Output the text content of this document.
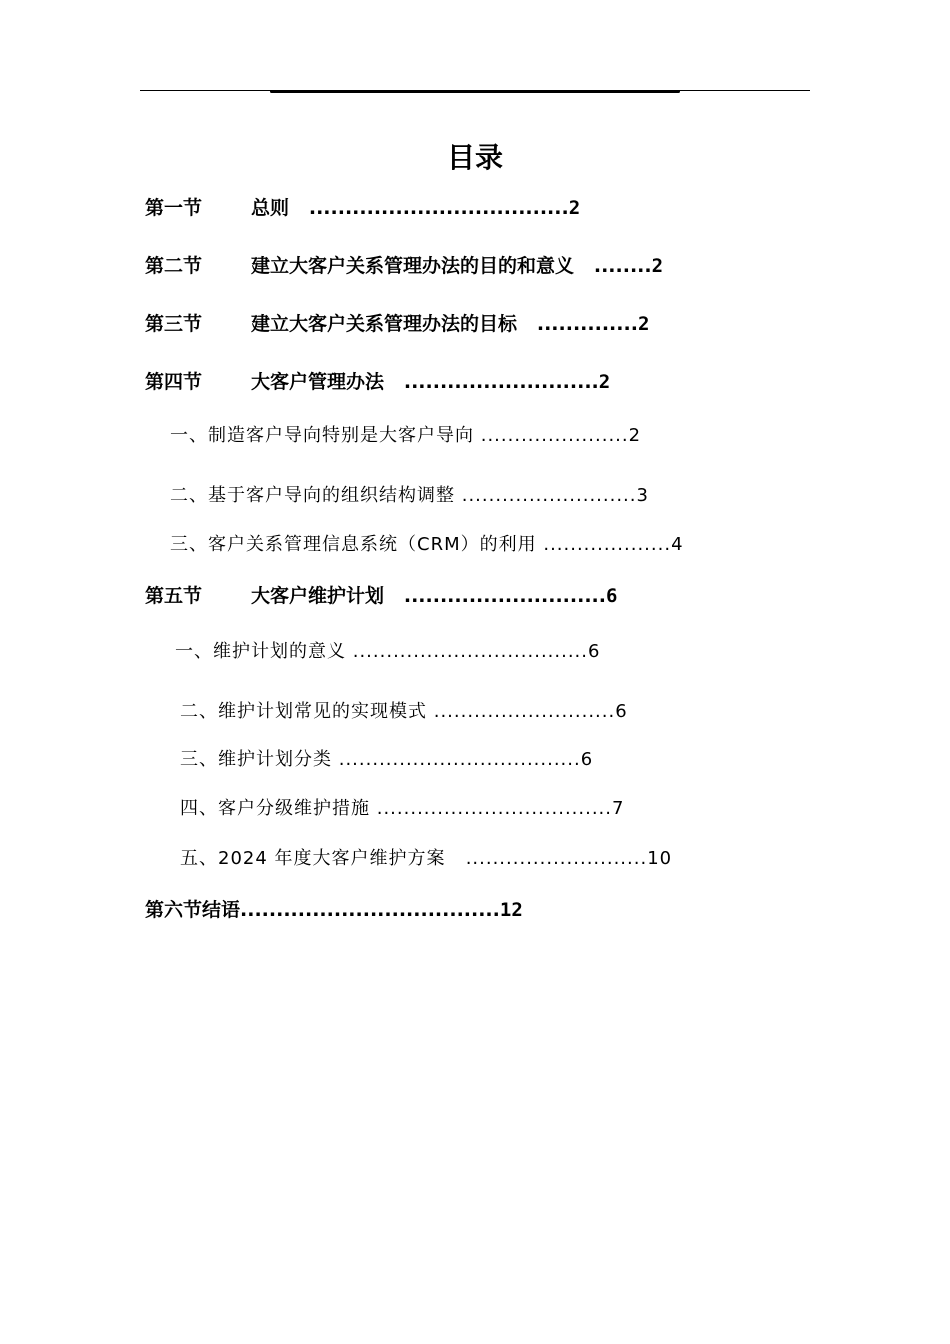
目录
第一节	总则 ....................................2
第二节	建立大客户关系管理办法的目的和意义 ........2
第三节	建立大客户关系管理办法的目标 ..............2
第四节	大客户管理办法 ...........................2
一、制造客户导向特别是大客户导向 ......................2
二、基于客户导向的组织结构调整 ..........................3
三、客户关系管理信息系统（CRM）的利用 ...................4
第五节	大客户维护计划 ............................6
一、维护计划的意义 ...................................6
二、维护计划常见的实现模式 ...........................6
三、维护计划分类 ....................................6
四、客户分级维护措施 ...................................7
五、2024 年度大客户维护方案 ...........................10
第六节结语....................................12
